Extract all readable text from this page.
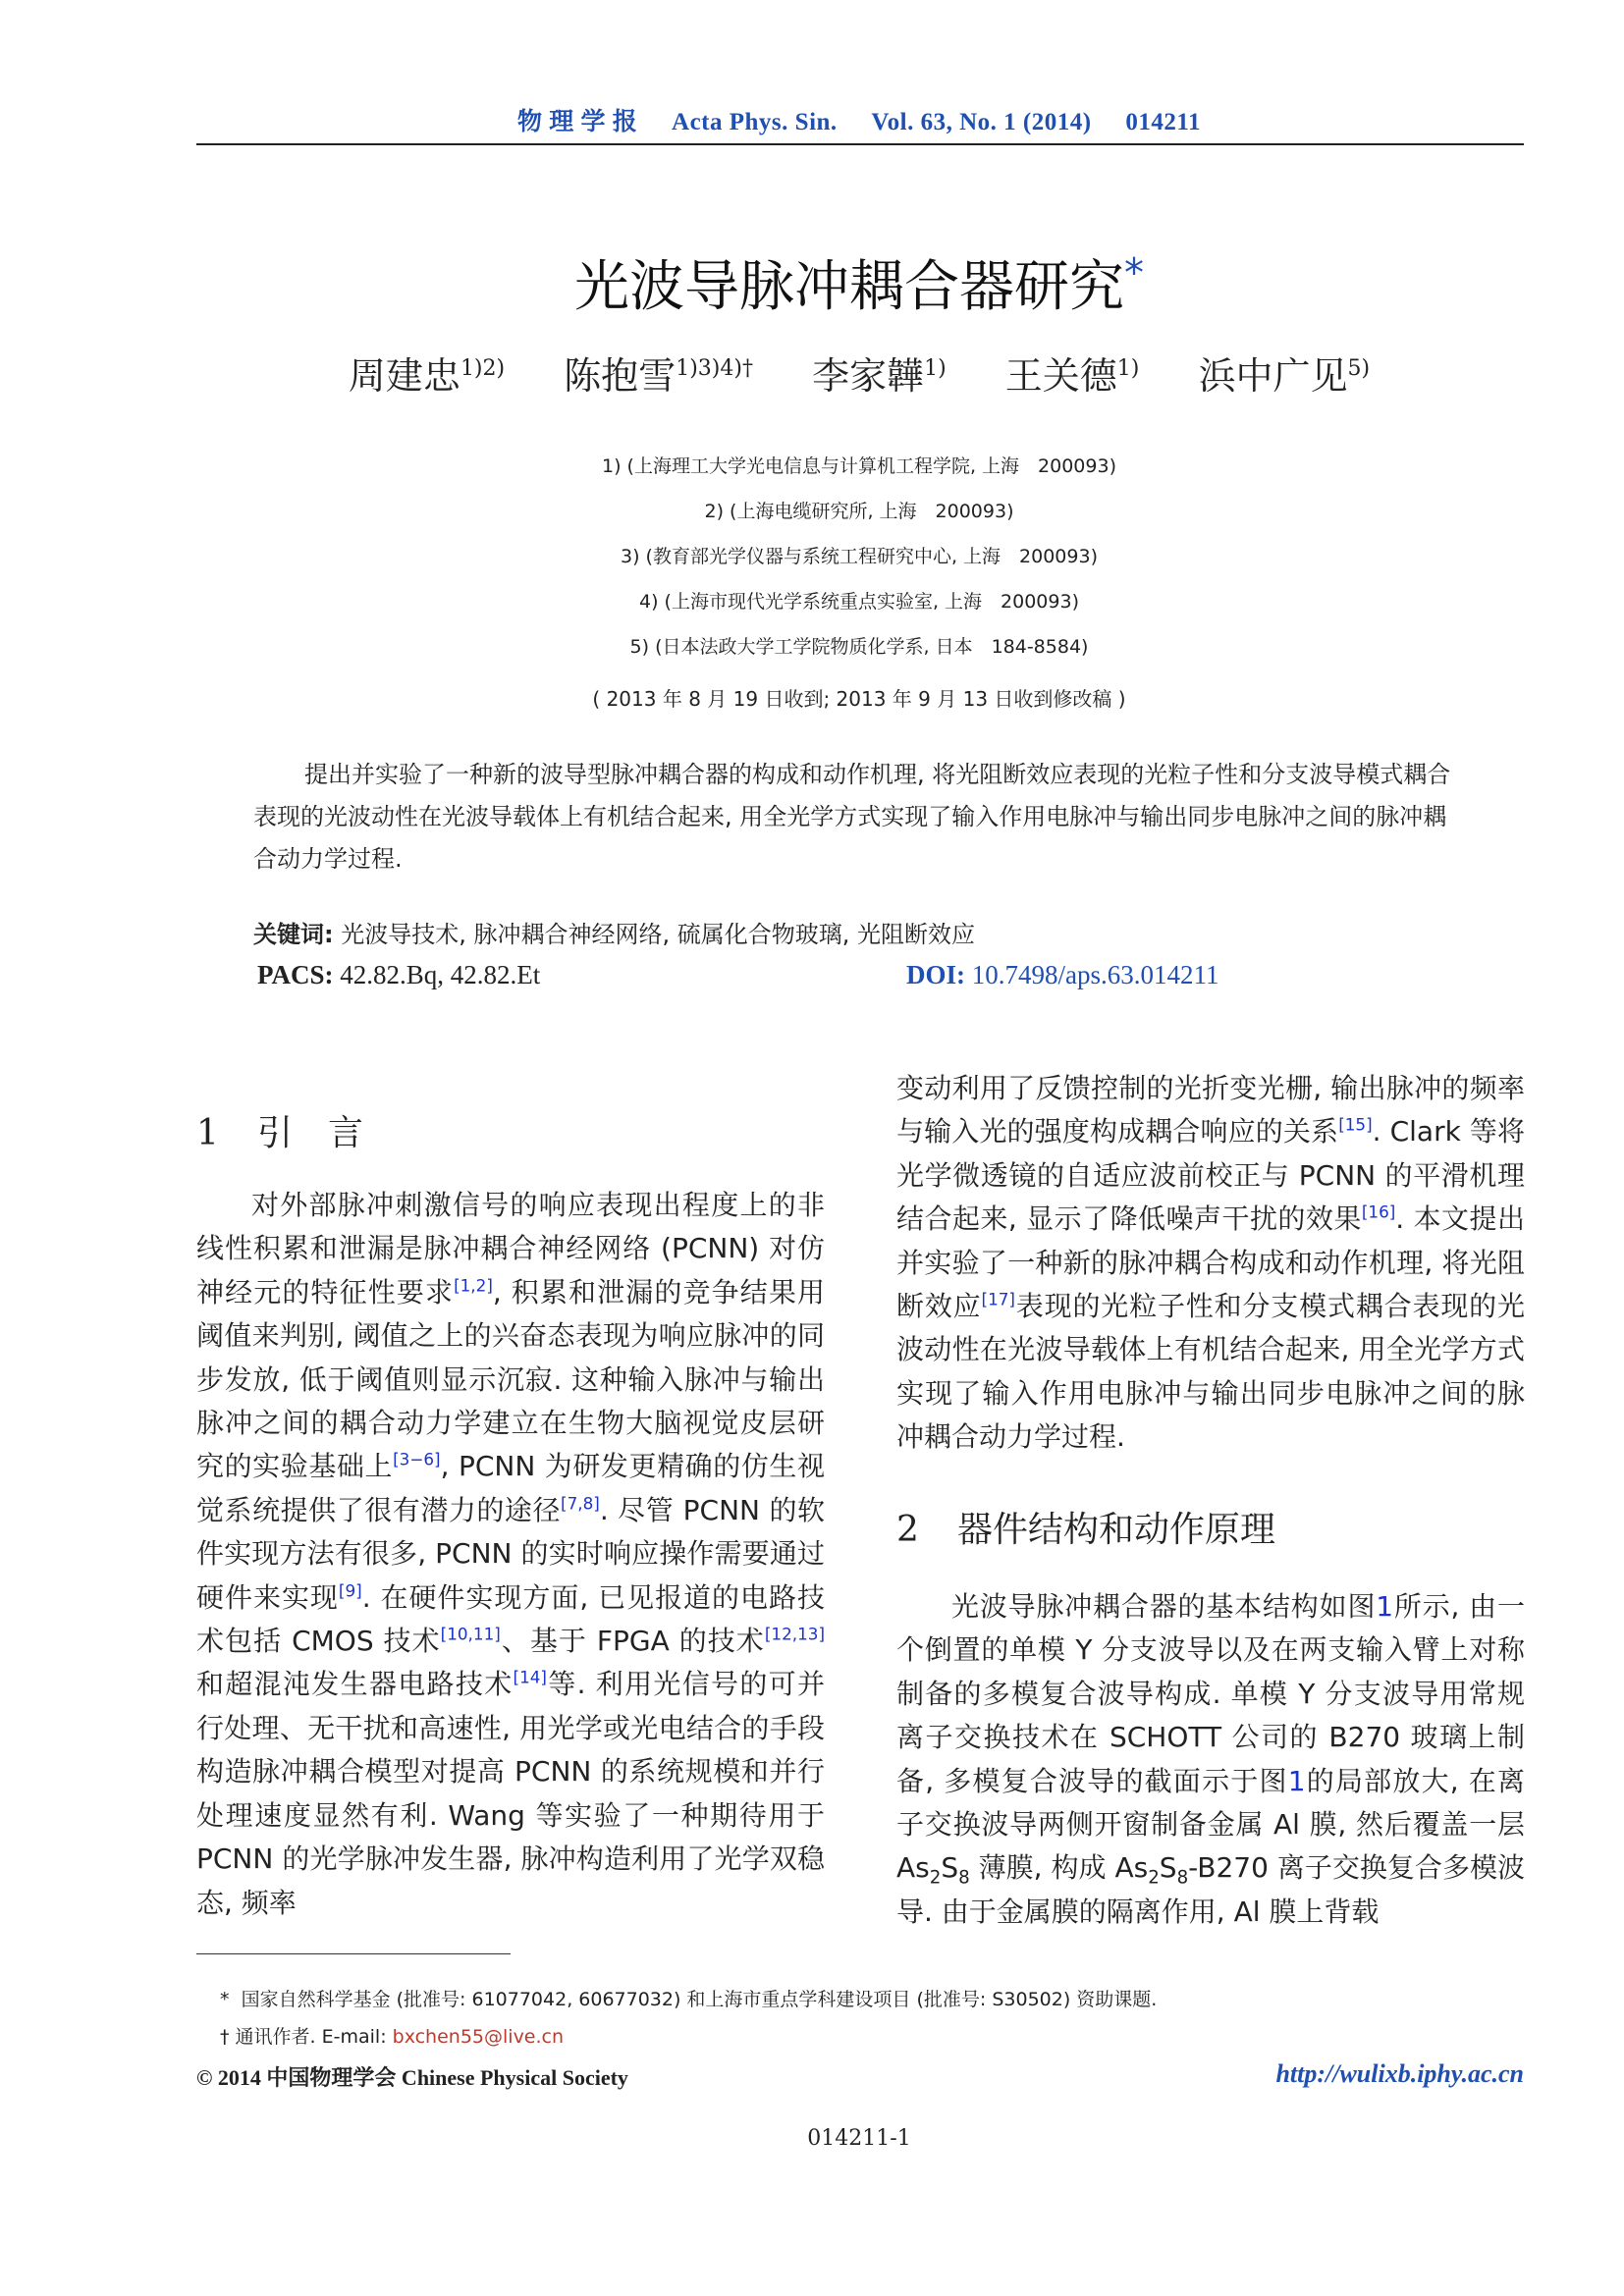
物 理 学 报 Acta Phys. Sin. Vol. 63, No. 1 (2014) 014211
光波导脉冲耦合器研究*
周建忠$^{1)2)}$ 陈抱雪$^{1)3)4)\dagger}$ 李家韡$^{1)}$ 王关德$^{1)}$ 浜中广见$^{5)}$
1) (上海理工大学光电信息与计算机工程学院, 上海　200093)
2) (上海电缆研究所, 上海　200093)
3) (教育部光学仪器与系统工程研究中心, 上海　200093)
4) (上海市现代光学系统重点实验室, 上海　200093)
5) (日本法政大学工学院物质化学系, 日本　184-8584)
( 2013 年 8 月 19 日收到; 2013 年 9 月 13 日收到修改稿 )
提出并实验了一种新的波导型脉冲耦合器的构成和动作机理, 将光阻断效应表现的光粒子性和分支波导模式耦合表现的光波动性在光波导载体上有机结合起来, 用全光学方式实现了输入作用电脉冲与输出同步电脉冲之间的脉冲耦合动力学过程.
关键词: 光波导技术, 脉冲耦合神经网络, 硫属化合物玻璃, 光阻断效应
PACS: 42.82.Bq, 42.82.Et	DOI: 10.7498/aps.63.014211
1 引　言

对外部脉冲刺激信号的响应表现出程度上的非线性积累和泄漏是脉冲耦合神经网络 (PCNN) 对仿神经元的特征性要求[1,2], 积累和泄漏的竞争结果用阈值来判别, 阈值之上的兴奋态表现为响应脉冲的同步发放, 低于阈值则显示沉寂. 这种输入脉冲与输出脉冲之间的耦合动力学建立在生物大脑视觉皮层研究的实验基础上[3−6], PCNN 为研发更精确的仿生视觉系统提供了很有潜力的途径[7,8]. 尽管 PCNN 的软件实现方法有很多, PCNN 的实时响应操作需要通过硬件来实现[9]. 在硬件实现方面, 已见报道的电路技术包括 CMOS 技术[10,11]、基于 FPGA 的技术[12,13]和超混沌发生器电路技术[14]等. 利用光信号的可并行处理、无干扰和高速性, 用光学或光电结合的手段构造脉冲耦合模型对提高 PCNN 的系统规模和并行处理速度显然有利. Wang 等实验了一种期待用于 PCNN 的光学脉冲发生器, 脉冲构造利用了光学双稳态, 频率

变动利用了反馈控制的光折变光栅, 输出脉冲的频率与输入光的强度构成耦合响应的关系[15]. Clark 等将光学微透镜的自适应波前校正与 PCNN 的平滑机理结合起来, 显示了降低噪声干扰的效果[16]. 本文提出并实验了一种新的脉冲耦合构成和动作机理, 将光阻断效应[17]表现的光粒子性和分支模式耦合表现的光波动性在光波导载体上有机结合起来, 用全光学方式实现了输入作用电脉冲与输出同步电脉冲之间的脉冲耦合动力学过程.

2 器件结构和动作原理

光波导脉冲耦合器的基本结构如图1所示, 由一个倒置的单模 Y 分支波导以及在两支输入臂上对称制备的多模复合波导构成. 单模 Y 分支波导用常规离子交换技术在 SCHOTT 公司的 B270 玻璃上制备, 多模复合波导的截面示于图1的局部放大, 在离子交换波导两侧开窗制备金属 Al 膜, 然后覆盖一层 $As_2S_8$ 薄膜, 构成 $As_2S_8-B270$ 离子交换复合多模波导. 由于金属膜的隔离作用, Al 膜上背载

* 国家自然科学基金 (批准号: 61077042, 60677032) 和上海市重点学科建设项目 (批准号: S30502) 资助课题.
† 通讯作者. E-mail: bxchen55@live.cn
© 2014 中国物理学会 Chinese Physical Society	http://wulixb.iphy.ac.cn
014211-1
